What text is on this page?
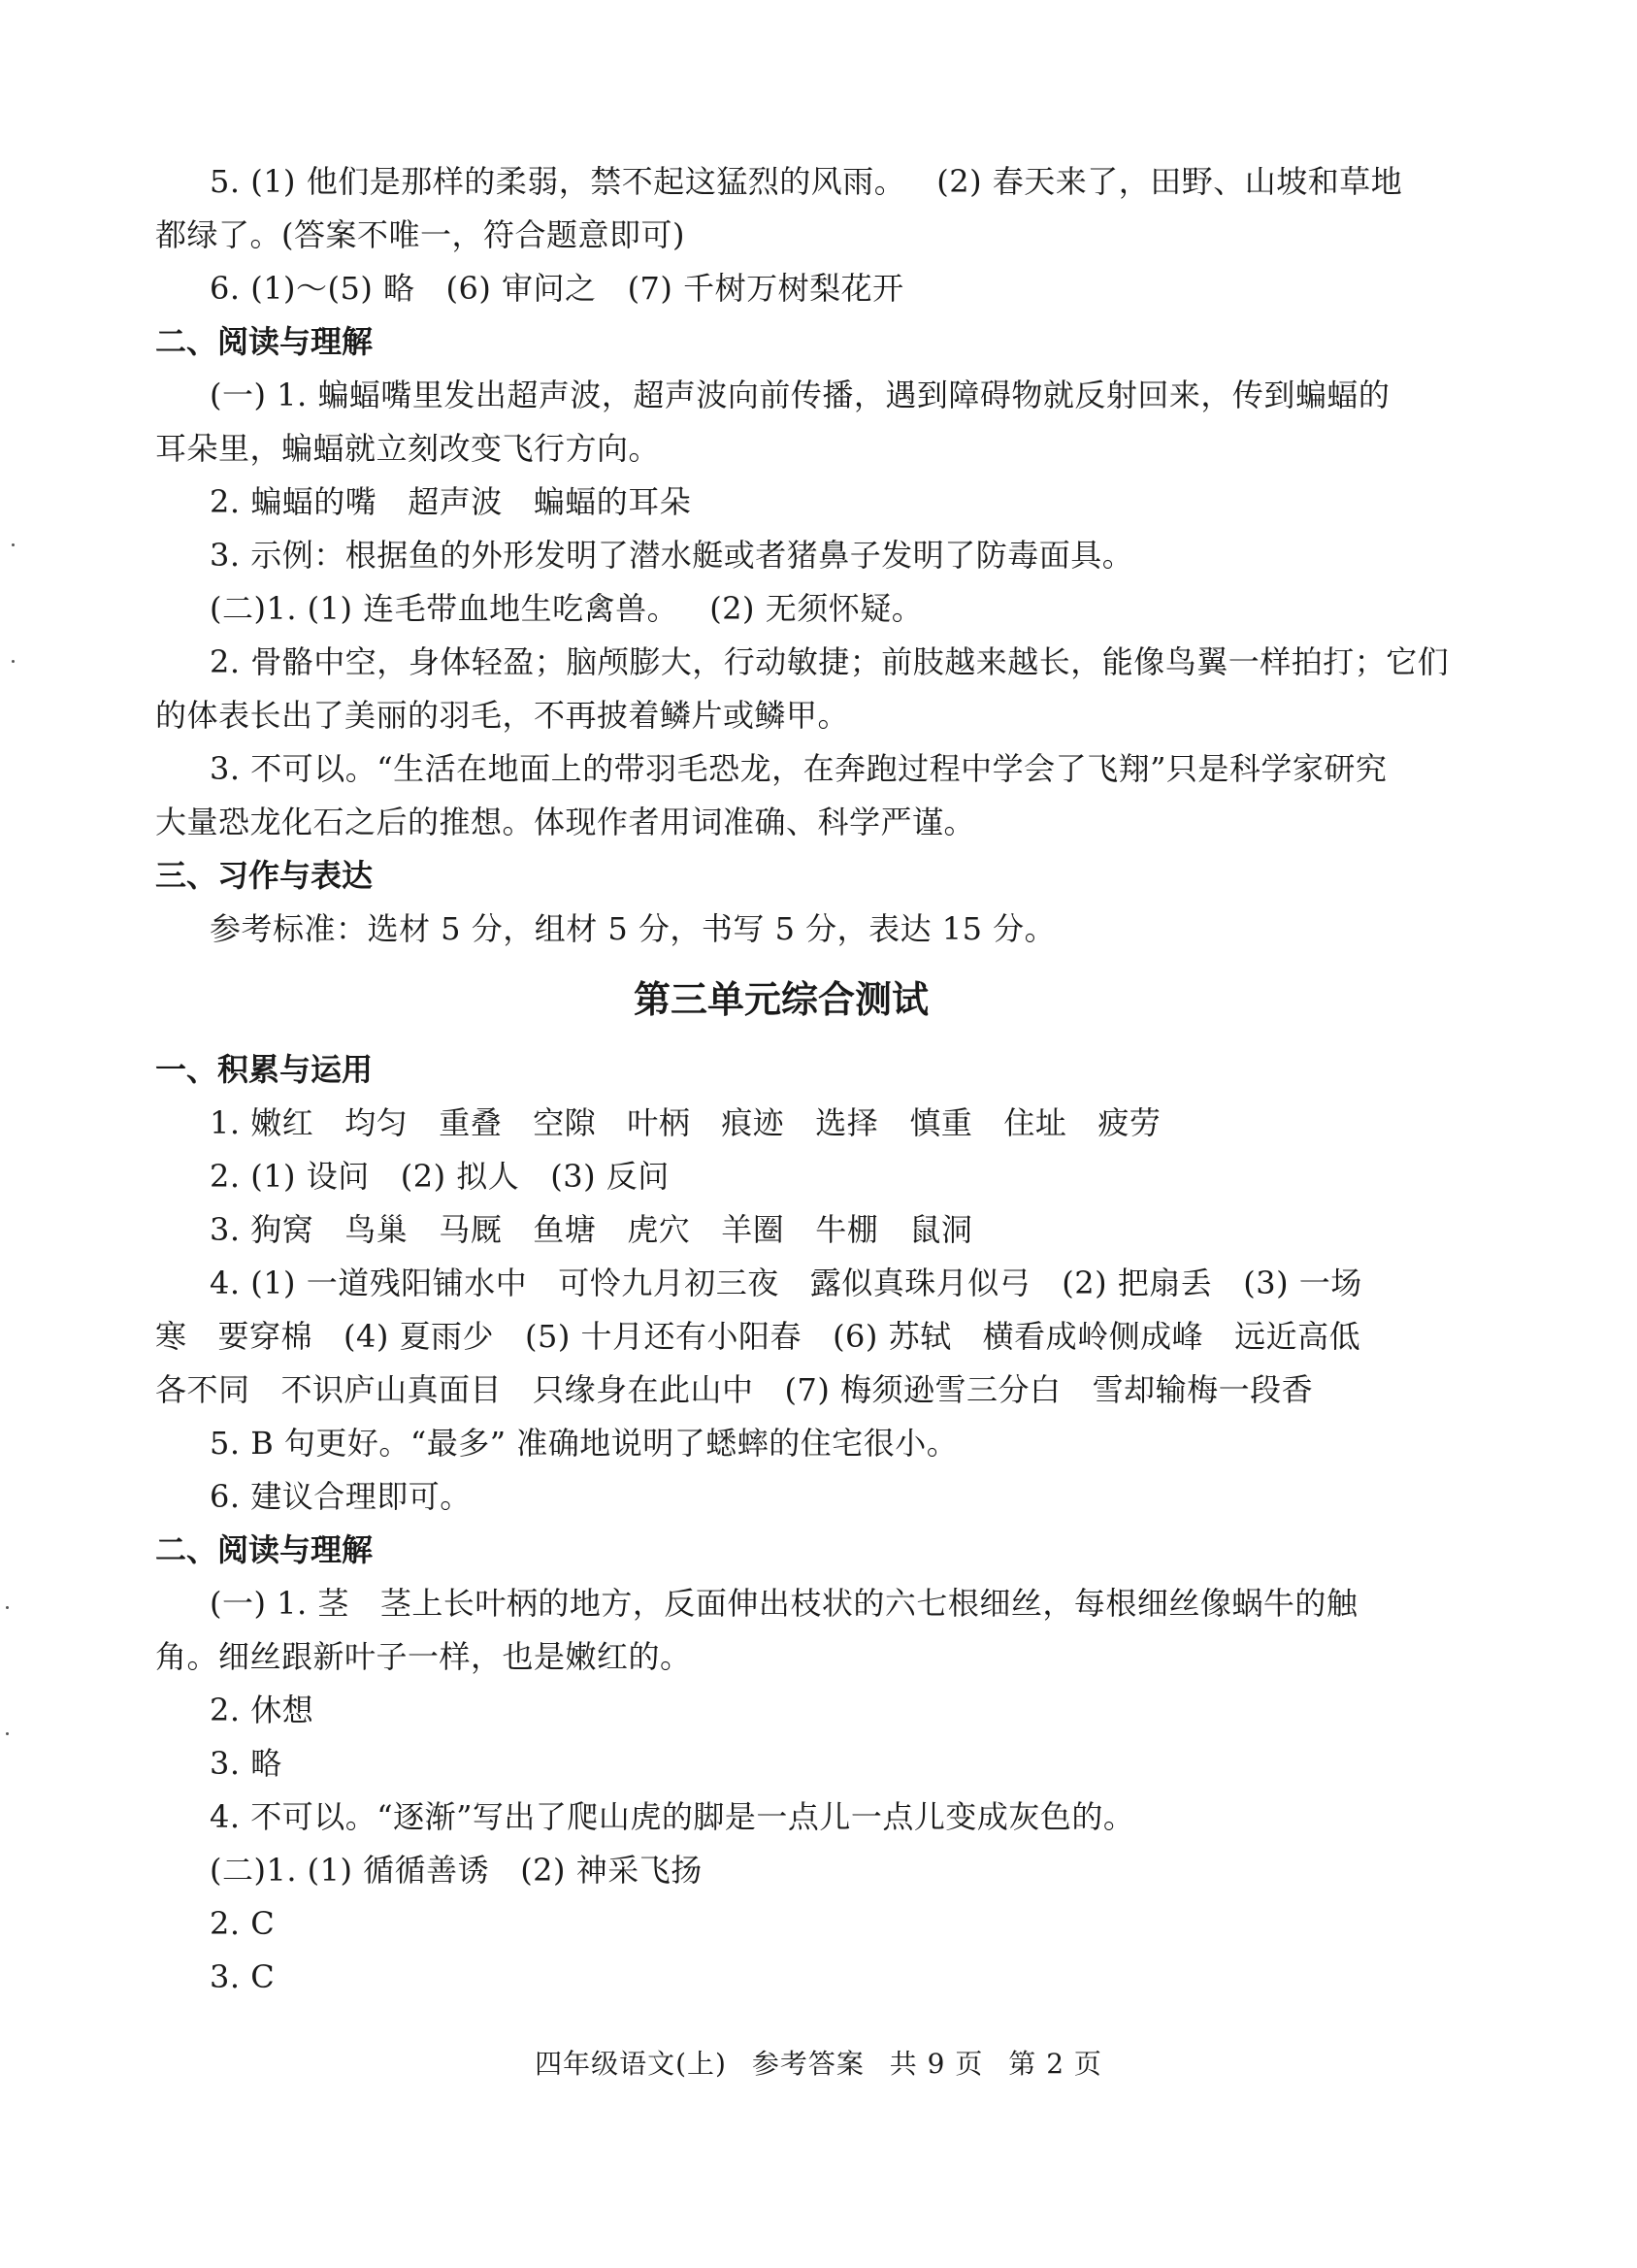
5. (1) 他们是那样的柔弱，禁不起这猛烈的风雨。   (2) 春天来了，田野、山坡和草地
都绿了。(答案不唯一，符合题意即可)
6. (1)～(5) 略   (6) 审问之   (7) 千树万树梨花开
二、阅读与理解
(一) 1. 蝙蝠嘴里发出超声波，超声波向前传播，遇到障碍物就反射回来，传到蝙蝠的
耳朵里，蝙蝠就立刻改变飞行方向。
2. 蝙蝠的嘴   超声波   蝙蝠的耳朵
3. 示例：根据鱼的外形发明了潜水艇或者猪鼻子发明了防毒面具。
(二)1. (1) 连毛带血地生吃禽兽。   (2) 无须怀疑。
2. 骨骼中空，身体轻盈；脑颅膨大，行动敏捷；前肢越来越长，能像鸟翼一样拍打；它们
的体表长出了美丽的羽毛，不再披着鳞片或鳞甲。
3. 不可以。“生活在地面上的带羽毛恐龙，在奔跑过程中学会了飞翔”只是科学家研究
大量恐龙化石之后的推想。体现作者用词准确、科学严谨。
三、习作与表达
参考标准：选材 5 分，组材 5 分，书写 5 分，表达 15 分。
第三单元综合测试
一、积累与运用
1. 嫩红   均匀   重叠   空隙   叶柄   痕迹   选择   慎重   住址   疲劳
2. (1) 设问   (2) 拟人   (3) 反问
3. 狗窝   鸟巢   马厩   鱼塘   虎穴   羊圈   牛棚   鼠洞
4. (1) 一道残阳铺水中   可怜九月初三夜   露似真珠月似弓   (2) 把扇丢   (3) 一场
寒   要穿棉   (4) 夏雨少   (5) 十月还有小阳春   (6) 苏轼   横看成岭侧成峰   远近高低
各不同   不识庐山真面目   只缘身在此山中   (7) 梅须逊雪三分白   雪却输梅一段香
5. B 句更好。“最多” 准确地说明了蟋蟀的住宅很小。
6. 建议合理即可。
二、阅读与理解
(一) 1. 茎   茎上长叶柄的地方，反面伸出枝状的六七根细丝，每根细丝像蜗牛的触
角。细丝跟新叶子一样，也是嫩红的。
2. 休想
3. 略
4. 不可以。“逐渐”写出了爬山虎的脚是一点儿一点儿变成灰色的。
(二)1. (1) 循循善诱   (2) 神采飞扬
2. C
3. C
四年级语文(上) 参考答案 共 9 页 第 2 页
